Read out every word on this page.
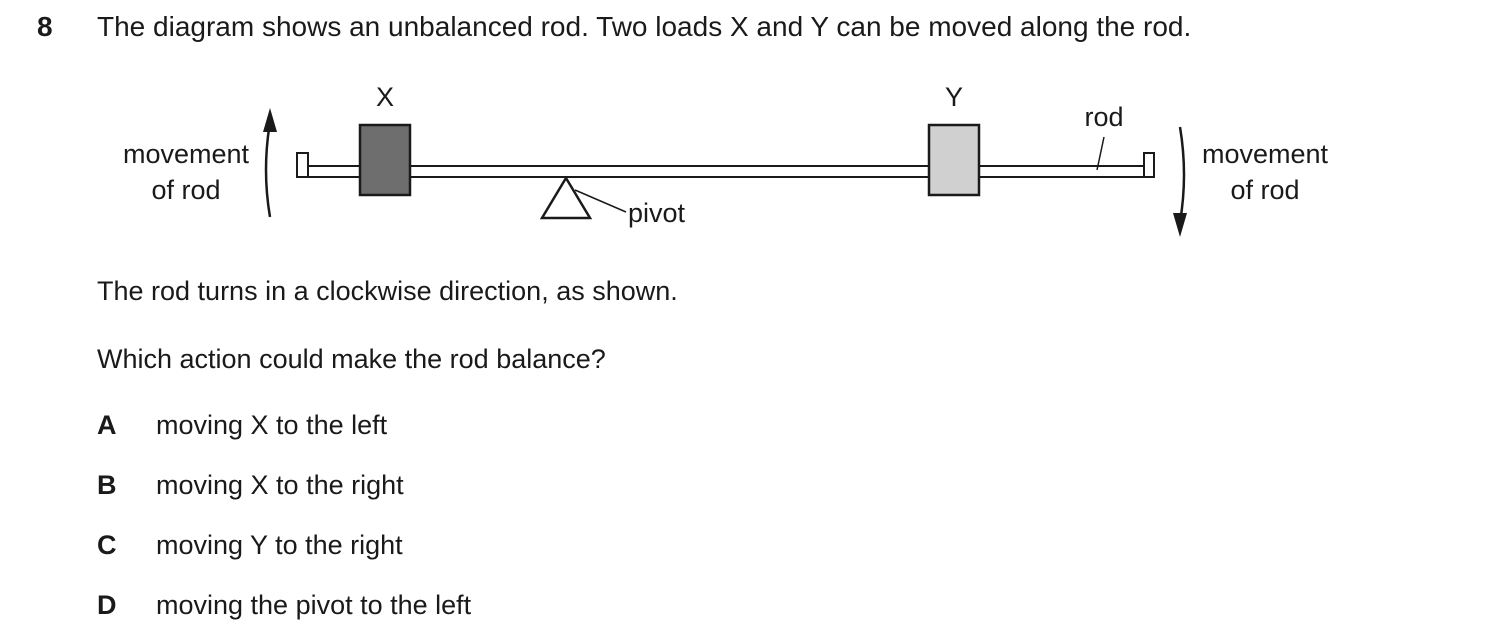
8 The diagram shows an unbalanced rod. Two loads X and Y can be moved along the rod.
movement
of rod
X	Y
rod
pivot
movement
of rod
The rod turns in a clockwise direction, as shown.
Which action could make the rod balance?
A moving X to the left
B moving X to the right
C moving Y to the right
D moving the pivot to the left
